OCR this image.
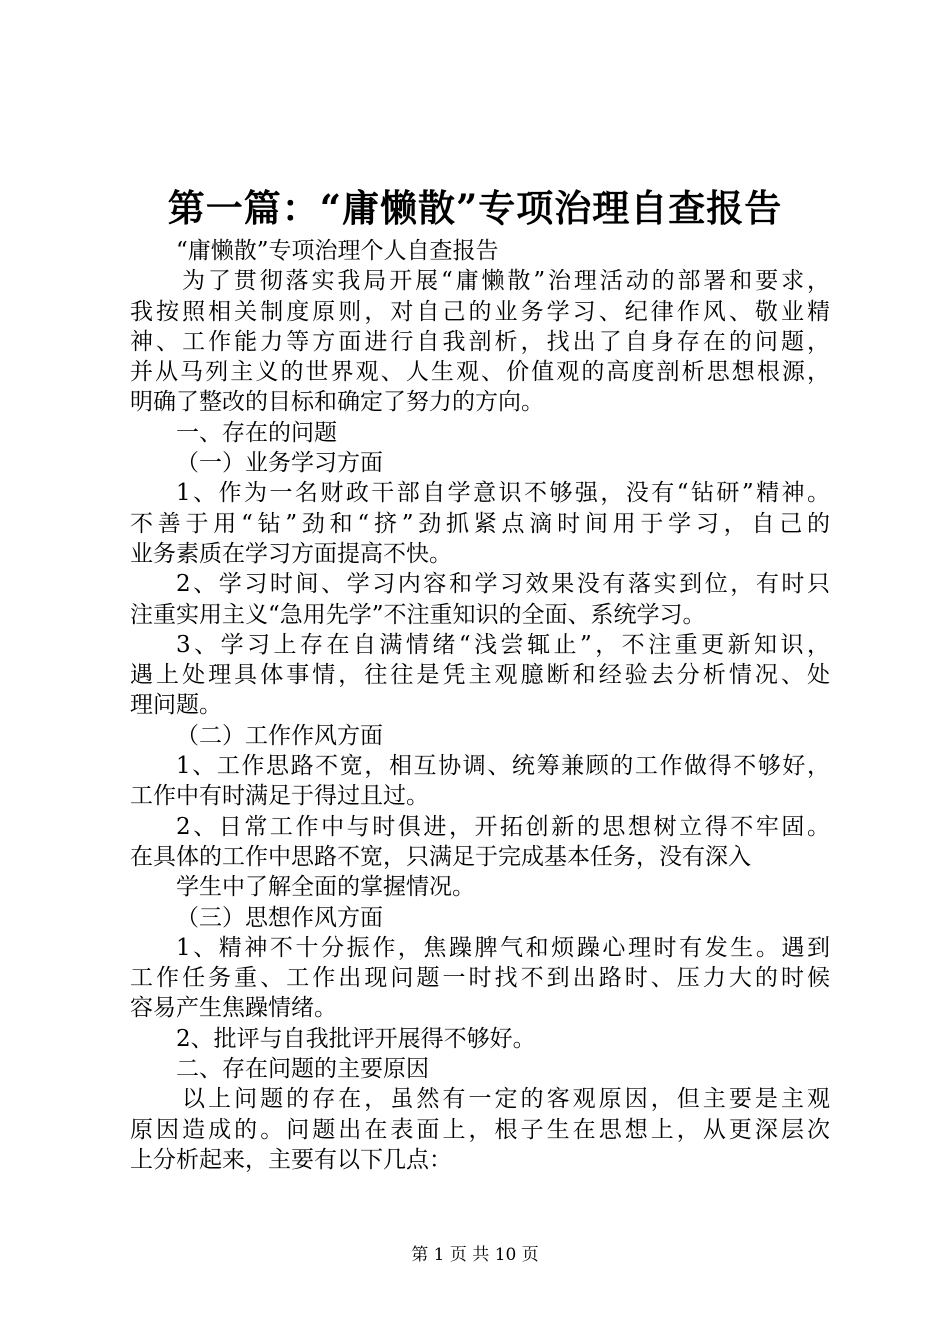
第一篇：“庸懒散”专项治理自查报告
“庸懒散”专项治理个人自查报告
为了贯彻落实我局开展“庸懒散”治理活动的部署和要求，
我按照相关制度原则，对自己的业务学习、纪律作风、敬业精
神、工作能力等方面进行自我剖析，找出了自身存在的问题，
并从马列主义的世界观、人生观、价值观的高度剖析思想根源，
明确了整改的目标和确定了努力的方向。
一、存在的问题
（一）业务学习方面
1、作为一名财政干部自学意识不够强，没有“钻研”精神。
不善于用“钻”劲和“挤”劲抓紧点滴时间用于学习，自己的
业务素质在学习方面提高不快。
2、学习时间、学习内容和学习效果没有落实到位，有时只
注重实用主义“急用先学”不注重知识的全面、系统学习。
3、学习上存在自满情绪“浅尝辄止”，不注重更新知识，
遇上处理具体事情，往往是凭主观臆断和经验去分析情况、处
理问题。
（二）工作作风方面
1、工作思路不宽，相互协调、统筹兼顾的工作做得不够好，
工作中有时满足于得过且过。
2、日常工作中与时俱进，开拓创新的思想树立得不牢固。
在具体的工作中思路不宽，只满足于完成基本任务，没有深入
学生中了解全面的掌握情况。
（三）思想作风方面
1、精神不十分振作，焦躁脾气和烦躁心理时有发生。遇到
工作任务重、工作出现问题一时找不到出路时、压力大的时候
容易产生焦躁情绪。
2、批评与自我批评开展得不够好。
二、存在问题的主要原因
以上问题的存在，虽然有一定的客观原因，但主要是主观
原因造成的。问题出在表面上，根子生在思想上，从更深层次
上分析起来，主要有以下几点：
第 1 页 共 10 页
